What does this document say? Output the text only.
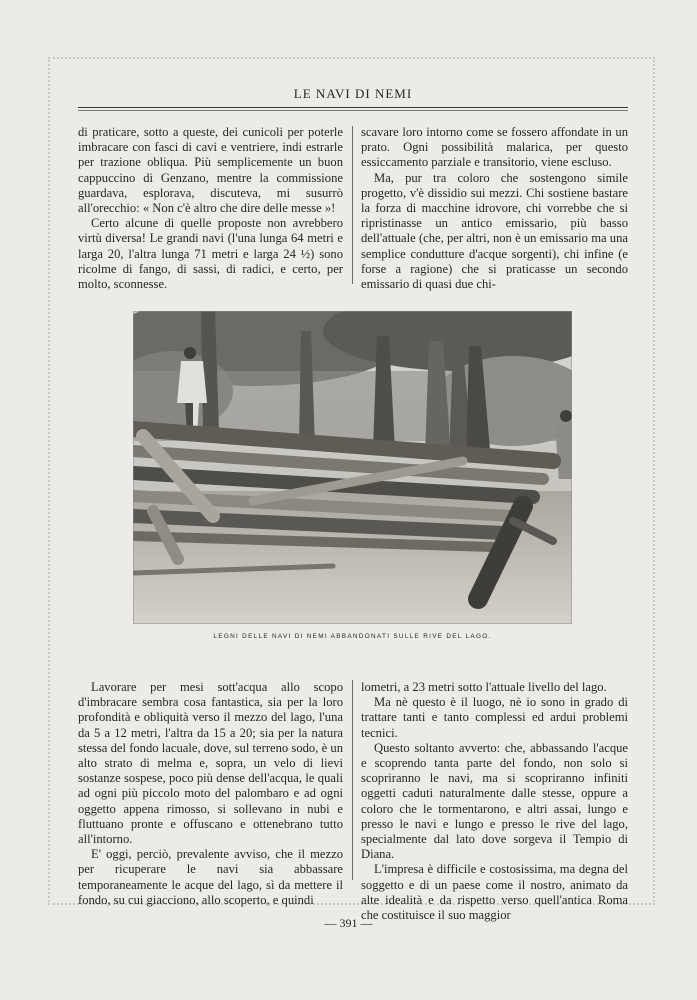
LE NAVI DI NEMI

di praticare, sotto a queste, dei cunicoli per poterle imbracare con fasci di cavi e ventriere, indi estrarle per trazione obliqua. Più semplicemente un buon cappuccino di Genzano, mentre la commissione guardava, esplorava, discuteva, mi susurrò all'orecchio: « Non c'è altro che dire delle messe »!

Certo alcune di quelle proposte non avrebbero virtù diversa! Le grandi navi (l'una lunga 64 metri e larga 20, l'altra lunga 71 metri e larga 24 ½) sono ricolme di fango, di sassi, di radici, e certo, per molto, sconnesse.

scavare loro intorno come se fossero affondate in un prato. Ogni possibilità malarica, per questo essiccamento parziale e transitorio, viene escluso.

Ma, pur tra coloro che sostengono simile progetto, v'è dissidio sui mezzi. Chi sostiene bastare la forza di macchine idrovore, chi vorrebbe che si ripristinasse un antico emissario, più basso dell'attuale (che, per altri, non è un emissario ma una semplice condutture d'acque sorgenti), chi infine (e forse a ragione) che si praticasse un secondo emissario di quasi due chi-

LEGNI DELLE NAVI DI NEMI ABBANDONATI SULLE RIVE DEL LAGO.

Lavorare per mesi sott'acqua allo scopo d'imbracare sembra cosa fantastica, sia per la loro profondità e obliquità verso il mezzo del lago, l'una da 5 a 12 metri, l'altra da 15 a 20; sia per la natura stessa del fondo lacuale, dove, sul terreno sodo, è un alto strato di melma e, sopra, un velo di lievi sostanze sospese, poco più dense dell'acqua, le quali ad ogni più piccolo moto del palombaro e ad ogni oggetto appena rimosso, si sollevano in nubi e fluttuano pronte e offuscano e ottenebrano tutto all'intorno.

E' oggi, perciò, prevalente avviso, che il mezzo per ricuperare le navi sia abbassare temporaneamente le acque del lago, sì da mettere il fondo, su cui giacciono, allo scoperto, e quindi

lometri, a 23 metri sotto l'attuale livello del lago.

Ma nè questo è il luogo, nè io sono in grado di trattare tanti e tanto complessi ed ardui problemi tecnici.

Questo soltanto avverto: che, abbassando l'acque e scoprendo tanta parte del fondo, non solo si scopriranno le navi, ma si scopriranno infiniti oggetti caduti naturalmente dalle stesse, oppure a coloro che le tormentarono, e altri assai, lungo e presso le navi e lungo e presso le rive del lago, specialmente dal lato dove sorgeva il Tempio di Diana.

L'impresa è difficile e costosissima, ma degna del soggetto e di un paese come il nostro, animato da alte idealità e da rispetto verso quell'antica Roma che costituisce il suo maggior

— 391 —
